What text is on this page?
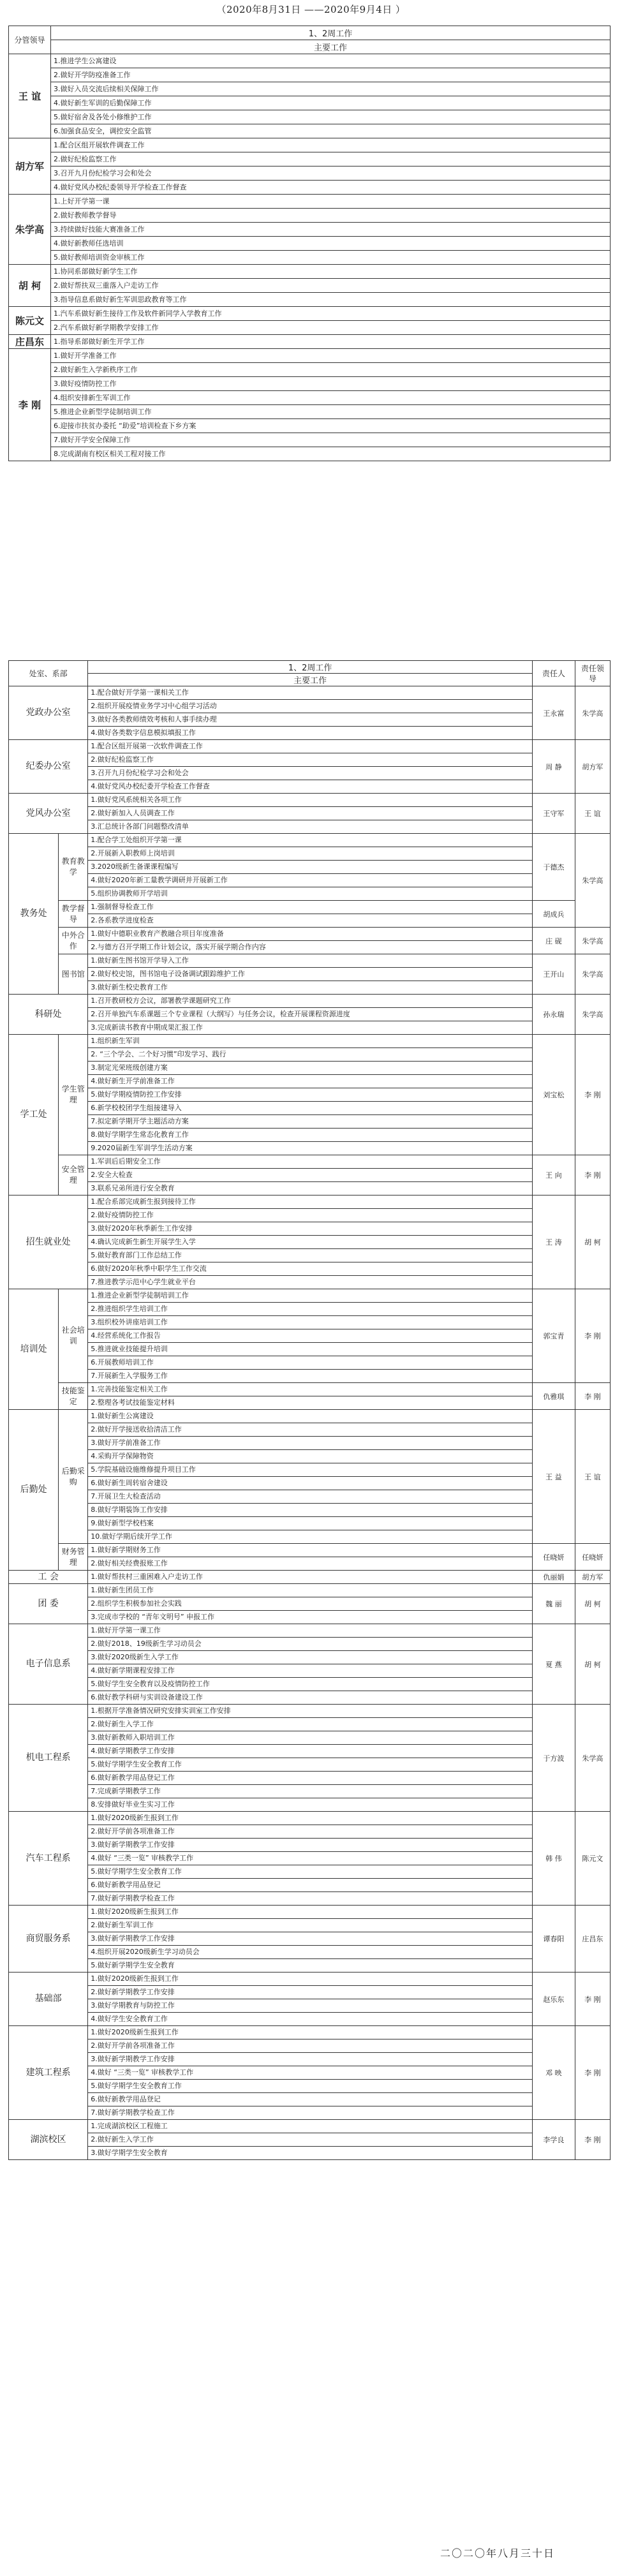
（2020年8月31日 ——2020年9月4日 ）
分管领导	1、2周工作
	主要工作
王 谊	1.推进学生公寓建设
	2.做好开学防疫准备工作
	3.做好入员交流后续相关保障工作
	4.做好新生军训的后勤保障工作
	5.做好宿舍及各处小修维护工作
	6.加强食品安全，调控安全监管
胡方军	1.配合区组开展软件调查工作
	2.做好纪检监察工作
	3.召开九月份纪检学习会和处会
	4.做好党风办校纪委领导开学检查工作督查
朱学高	1.上好开学第一课
	2.做好教师教学督导
	3.持续做好技能大赛准备工作
	4.做好新教师任选培训
	5.做好教师培训资金审核工作
胡 柯	1.协同系部做好新学生工作
	2.做好帮扶双三重落入户走访工作
	3.指导信息系做好新生军训思政教育等工作
陈元文	1.汽车系做好新生接待工作及软件新同学入学教育工作
	2.汽车系做好新学期教学安排工作
庄昌东	1.指导系部做好新生开学工作
李 刚	1.做好开学准备工作
	2.做好新生入学新秩序工作
	3.做好疫情防控工作
	4.组织安排新生军训工作
	5.推进企业新型学徒制培训工作
	6.迎接市扶贫办委托 “助爱”培训检查下乡方案
	7.做好开学安全保障工作
	8.完成湖南有校区相关工程对接工作
处室、系部		1、2周工作	责任人	责任领导
		主要工作		
党政办公室		1.配合做好开学第一课相关工作	王永富	朱学高
		2.组织开展疫情业务学习中心组学习活动		
		3.做好各类教师绩效考核和人事手续办理		
		4.做好各类数字信息模拟填报工作		
纪委办公室		1.配合区组开展第一次软件调查工作	周 静	胡方军
		2.做好纪检监察工作		
		3.召开九月份纪检学习会和处会		
		4.做好党风办校纪委开学检查工作督查		
党风办公室		1.做好党风系统相关各项工作	王守军	王 谊
		2.做好新加入人员调查工作		
		3.汇总统计各部门问题整改清单		
教务处	教育教学	1.配合学工处组织开学第一课	于德杰	朱学高
		2.开展新入职教师上岗培训		
		3.2020级新生备课课程编写		
		4.做好2020年新工量教学调研并开展新工作		
		5.组织协调教师开学培训		
	教学督导	1.强制督导检查工作	胡成兵	
		2.各系教学进度检查		
	中外合作	1.做好中德职业教育产教融合项目年度准备	庄 砚	朱学高
		2.与德方召开学期工作计划会议，落实开展学期合作内容		
	图书馆	1.做好新生图书馆开学导入工作	王开山	朱学高
		2.做好校史馆，图书馆电子设备调试跟踪维护工作		
		3.做好新生校史教育工作		
科研处		1.召开教研校方会议，部署教学课题研究工作	孙永瑞	朱学高
		2.召开单独汽车系课题三个专业课程（大纲写）与任务会议，检查开展课程资源进度		
		3.完成新读书教育中期成果汇报工作		
学工处	学生管理	1.组织新生军训	刘宝松	李 刚
		2. “三个学会、二个好习惯”印发学习、践行		
		3.制定光荣班级创建方案		
		4.做好新生开学前准备工作		
		5.做好学期疫情防控工作安排		
		6.新学校校团学生组接建导入		
		7.拟定新学期开学主题活动方案		
		8.做好学期学生常态化教育工作		
		9.2020届新生军训学生活动方案		
	安全管理	1.军训后后期安全工作	王 向	李 刚
		2.安全大检查		
		3.联系兄弟所进行安全教育		
招生就业处		1.配合系部完成新生报到接待工作	王 涛	胡 柯
		2.做好疫情防控工作		
		3.做好2020年秋季新生工作安排		
		4.确认完成新生新生开展学生入学		
		5.做好教育部门工作总结工作		
		6.做好2020年秋季中职学生工作交流		
		7.推进教学示范中心学生就业平台		
培训处	社会培训	1.推进企业新型学徒制培训工作	郭宝青	李 刚
		2.推进组织学生培训工作		
		3.组织校外讲座培训工作		
		4.经营系统化工作报告		
		5.推进就业技能提升培训		
		6.开展教师培训工作		
		7.开展新生入学服务工作		
	技能鉴定	1.完善技能鉴定相关工作	仇雅琪	李 刚
		2.整理各考试技能鉴定材料		
后勤处	后勤采购	1.做好新生公寓建设	王 益	王 谊
		2.做好开学接送收拾清洁工作		
		3.做好开学前准备工作		
		4.采购开学保障物资		
		5.学院基础设施维修提升项目工作		
		6.做好新生周转宿舍建设		
		7.开展卫生大检查活动		
		8.做好学期装饰工作安排		
		9.做好新型学校档案		
		10.做好学期后续开学工作		
	财务管理	1.做好新学期财务工作	任晓妍	任晓妍
		2.做好相关经费报账工作		
工 会		1.做好帮扶村三重困难入户走访工作	仇丽娟	胡方军
团 委		1.做好新生团员工作	魏 丽	胡 柯
		2.组织学生积极参加社会实践		
		3.完成市学校的 “青年文明号” 申报工作		
电子信息系		1.做好开学第一课工作	夏 燕	胡 柯
		2.做好2018、19级新生学习动员会		
		3.做好2020级新生入学工作		
		4.做好新学期课程安排工作		
		5.做好学生安全教育以及疫情防控工作		
		6.做好教学科研与实训设备建设工作		
机电工程系		1.根据开学准备情况研究安排实训室工作安排	于方波	朱学高
		2.做好新生入学工作		
		3.做好新教师入职培训工作		
		4.做好新学期教学工作安排		
		5.做好学期学生安全教育工作		
		6.做好新教学用品登记工作		
		7.完成新学期教学工作		
		8.安排做好毕业生实习工作		
汽车工程系		1.做好2020级新生报到工作	韩 伟	陈元文
		2.做好开学前各项准备工作		
		3.做好新学期教学工作安排		
		4.做好 “三类一览” 审核教学工作		
		5.做好学期学生安全教育工作		
		6.做好新教学用品登记		
		7.做好新学期教学检查工作		
商贸服务系		1.做好2020级新生报到工作	谭春阳	庄昌东
		2.做好新生军训工作		
		3.做好新学期教学工作安排		
		4.组织开展2020级新生学习动员会		
		5.做好新学期学生安全教育		
基础部		1.做好2020级新生报到工作	赵乐东	李 刚
		2.做好新学期教学工作安排		
		3.做好学期教育与防控工作		
		4.做好学生安全教育工作		
建筑工程系		1.做好2020级新生报到工作	邓 映	李 刚
		2.做好开学前各项准备工作		
		3.做好新学期教学工作安排		
		4.做好 “三类一览” 审核教学工作		
		5.做好学期学生安全教育工作		
		6.做好新教学用品登记		
		7.做好新学期教学检查工作		
湖滨校区		1.完成湖滨校区工程施工	李学良	李 刚
		2.做好新生入学工作		
		3.做好学期学生安全教育		
二〇二〇年八月三十日
